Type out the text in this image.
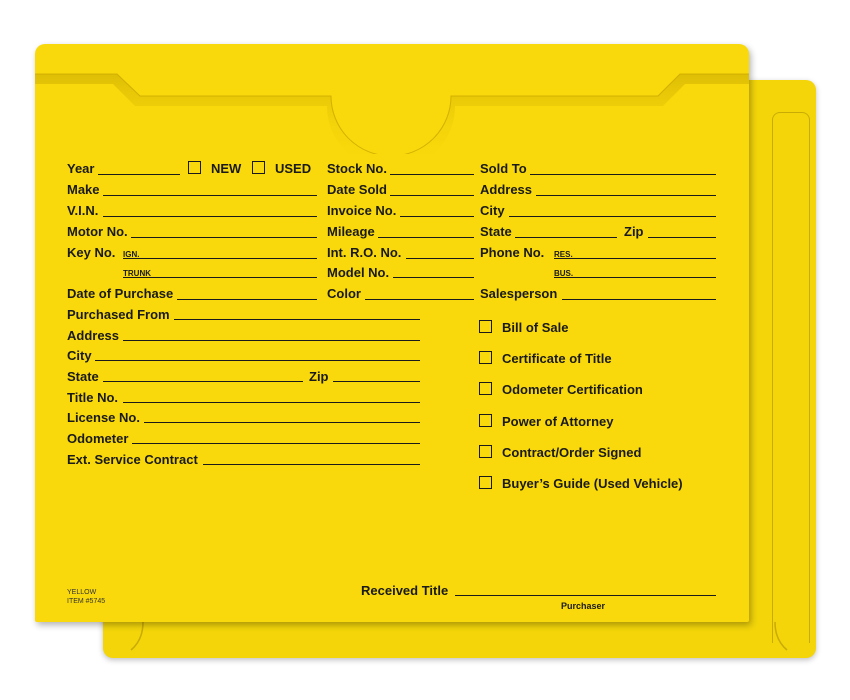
Year	NEW	USED
Make
V.I.N.
Motor No.
Key No. IGN.
TRUNK
Date of Purchase
Purchased From
Address
City
State	Zip
Title No.
License No.
Odometer
Ext. Service Contract
Stock No.
Date Sold
Invoice No.
Mileage
Int. R.O. No.
Model No.
Color
Sold To
Address
City
State	Zip
Phone No. RES.
BUS.
Salesperson
Bill of Sale
Certificate of Title
Odometer Certification
Power of Attorney
Contract/Order Signed
Buyer’s Guide (Used Vehicle)
YELLOW
ITEM #5745
Received Title
Purchaser
